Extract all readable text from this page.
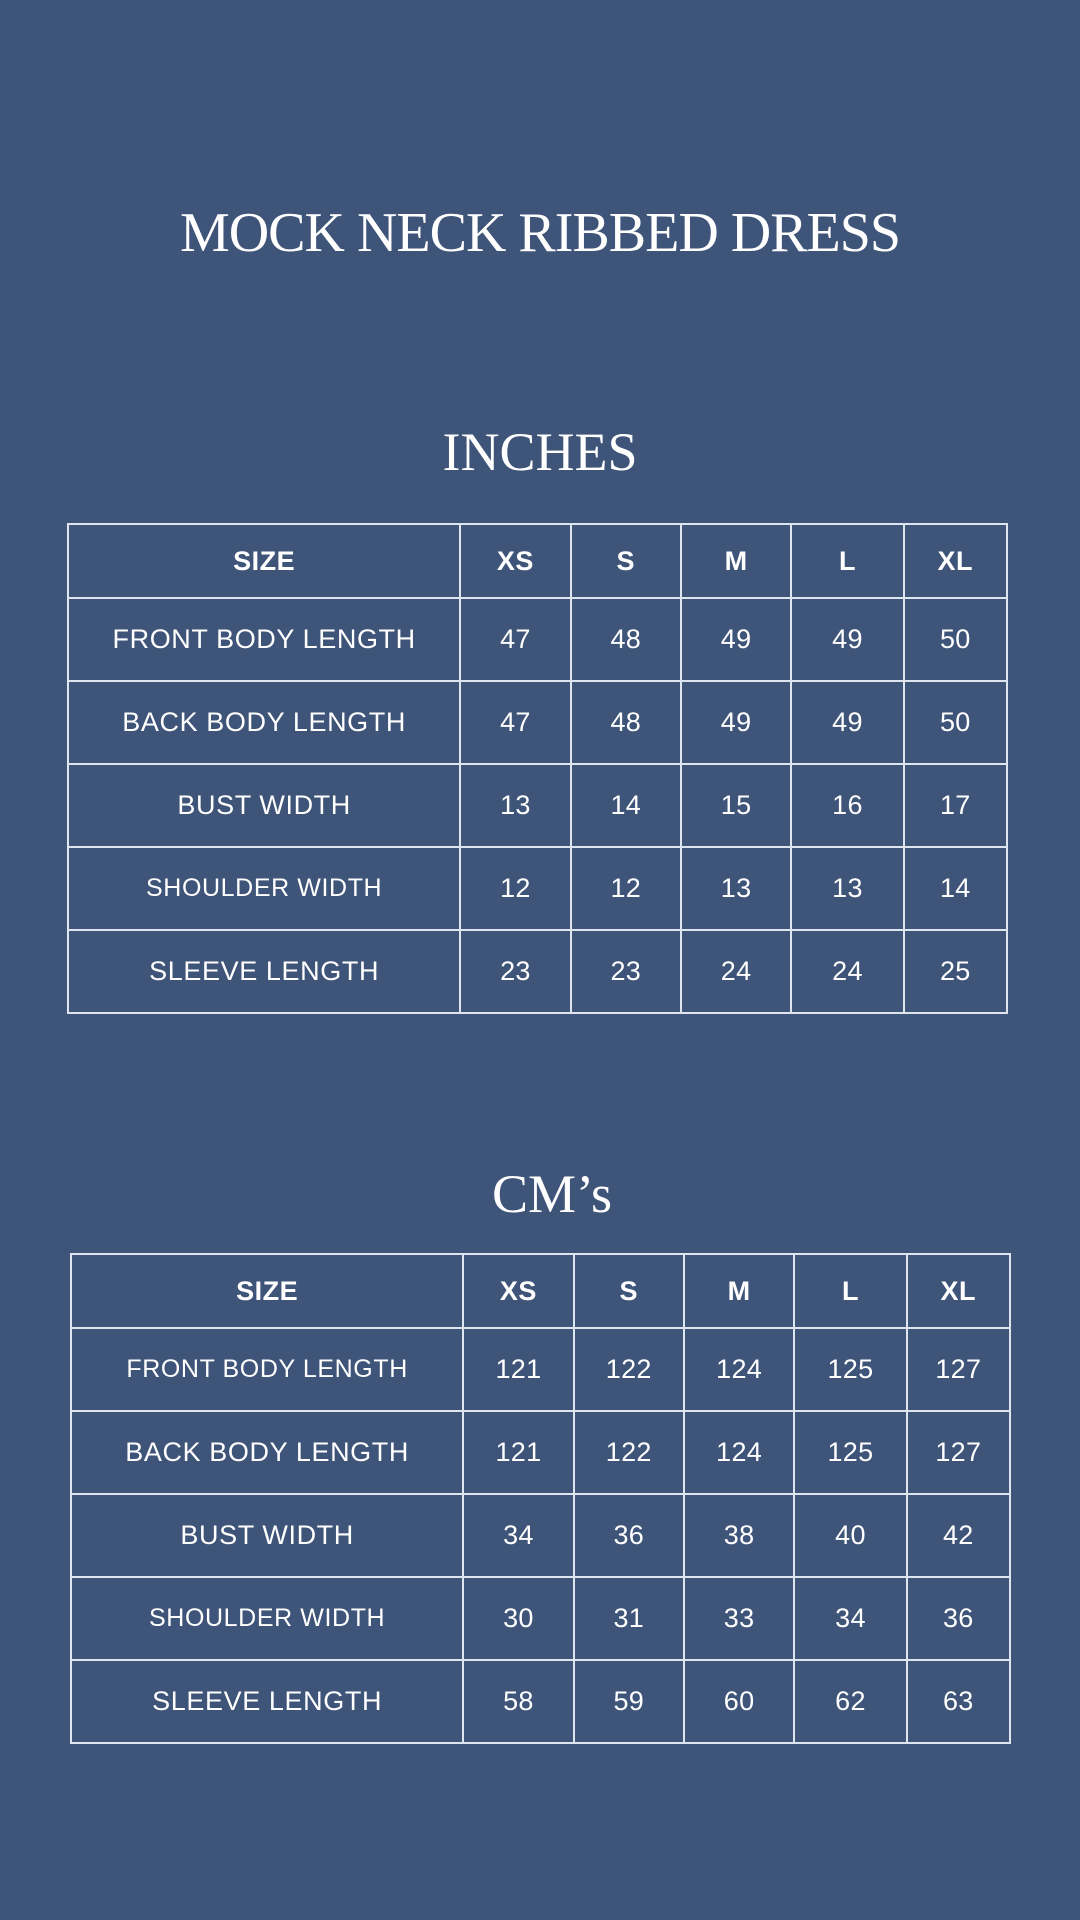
MOCK NECK RIBBED DRESS
INCHES
SIZE	XS	S	M	L	XL
FRONT BODY LENGTH	47	48	49	49	50
BACK BODY LENGTH	47	48	49	49	50
BUST WIDTH	13	14	15	16	17
SHOULDER WIDTH	12	12	13	13	14
SLEEVE LENGTH	23	23	24	24	25
CM’s
SIZE	XS	S	M	L	XL
FRONT BODY LENGTH	121	122	124	125	127
BACK BODY LENGTH	121	122	124	125	127
BUST WIDTH	34	36	38	40	42
SHOULDER WIDTH	30	31	33	34	36
SLEEVE LENGTH	58	59	60	62	63
